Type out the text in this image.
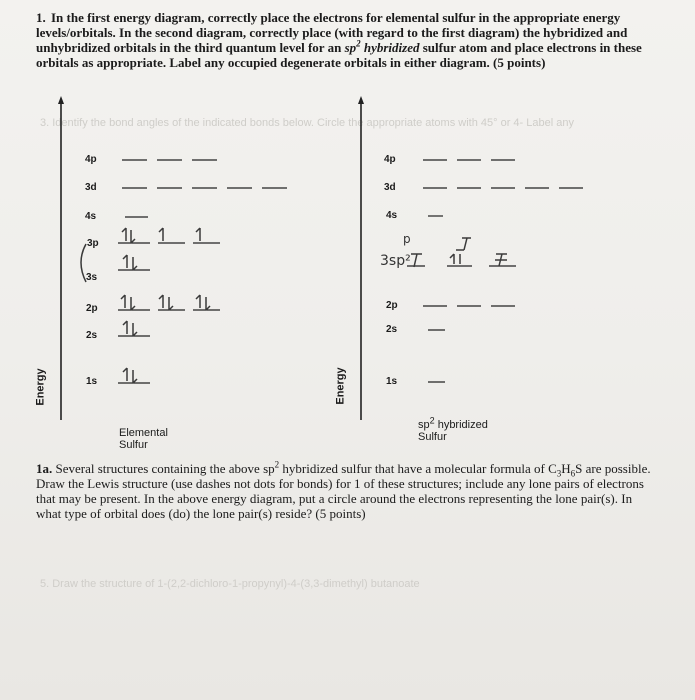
1. In the first energy diagram, correctly place the electrons for elemental sulfur in the appropriate energy levels/orbitals. In the second diagram, correctly place (with regard to the first diagram) the hybridized and unhybridized orbitals in the third quantum level for an $sp^2$ hybridized sulfur atom and place electrons in these orbitals as appropriate. Label any occupied degenerate orbitals in either diagram. (5 points)
3. Identify the bond angles of the indicated bonds below. Circle the appropriate atoms with 45° or 4- Label any
5. Draw the structure of 1-(2,2-dichloro-1-propynyl)-4-(3,3-dimethyl) butanoate
4p
3d
4s
3p
3s
2p
2s
1s
Energy
Elemental
Sulfur
4p
3d
4s
2p
2s
1s
p
3sp²
Energy
$sp^2$ hybridized
Sulfur
1a. Several structures containing the above $sp^2$ hybridized sulfur that have a molecular formula of $C_3H_6S$ are possible. Draw the Lewis structure (use dashes not dots for bonds) for 1 of these structures; include any lone pairs of electrons that may be present. In the above energy diagram, put a circle around the electrons representing the lone pair(s). In what type of orbital does (do) the lone pair(s) reside? (5 points)
